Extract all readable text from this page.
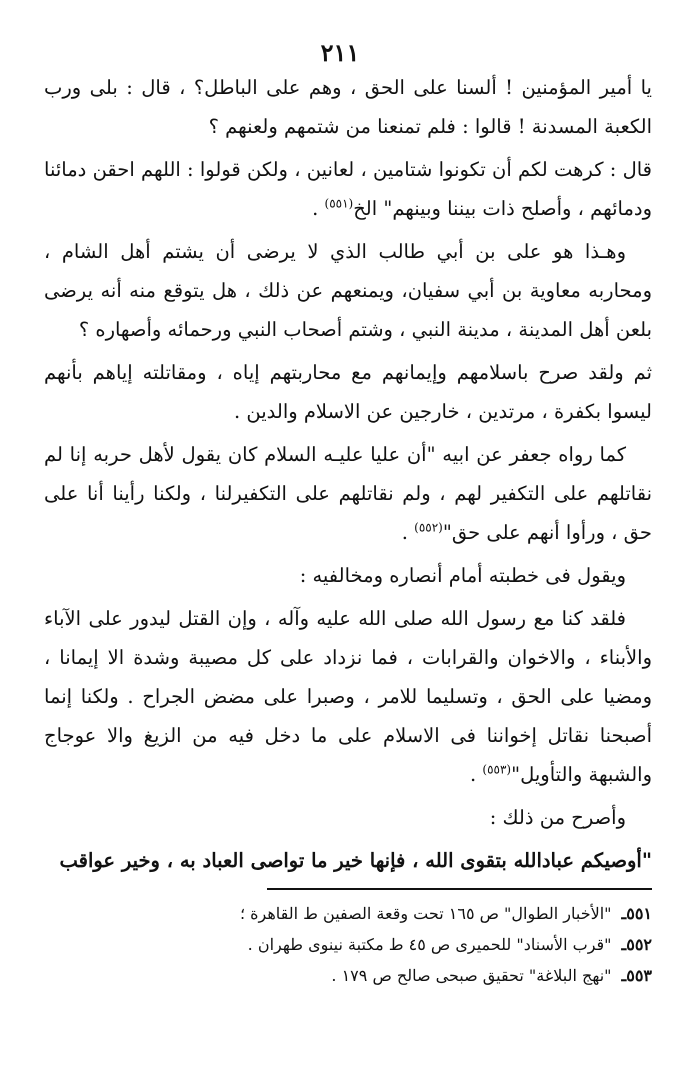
٢١١

يا أمير المؤمنين ! ألسنا على الحق ، وهم على الباطل؟ ، قال : بلى ورب الكعبة المسدنة ! قالوا : فلم تمنعنا من شتمهم ولعنهم ؟

قال : كرهت لكم أن تكونوا شتامين ، لعانين ، ولكن قولوا : اللهم احقن دمائنا ودمائهم ، وأصلح ذات بيننا وبينهم" الخ$^{(٥٥١)}$ .

وهـذا هو على بن أبي طالب الذي لا يرضى أن يشتم أهل الشام ، ومحاربه معاوية بن أبي سفيان، ويمنعهم عن ذلك ، هل يتوقع منه أنه يرضى بلعن أهل المدينة ، مدينة النبي ، وشتم أصحاب النبي ورحمائه وأصهاره ؟

ثم ولقد صرح باسلامهم وإيمانهم مع محاربتهم إياه ، ومقاتلته إياهم بأنهم ليسوا بكفرة ، مرتدين ، خارجين عن الاسلام والدين .

كما رواه جعفر عن ابيه "أن عليا عليـه السلام كان يقول لأهل حربه إنا لم نقاتلهم على التكفير لهم ، ولم نقاتلهم على التكفيرلنا ، ولكنا رأينا أنا على حق ، ورأوا أنهم على حق"$^{(٥٥٢)}$ .

ويقول فى خطبته أمام أنصاره ومخالفيه :

فلقد كنا مع رسول الله صلى الله عليه وآله ، وإن القتل ليدور على الآباء والأبناء ، والاخوان والقرابات ، فما نزداد على كل مصيبة وشدة الا إيمانا ، ومضيا على الحق ، وتسليما للامر ، وصبرا على مضض الجراح . ولكنا إنما أصبحنا نقاتل إخواننا فى الاسلام على ما دخل فيه من الزيغ والا عوجاج والشبهة والتأويل"$^{(٥٥٣)}$ .

وأصرح من ذلك :

"أوصيكم عبادالله بتقوى الله ، فإنها خير ما تواصى العباد به ، وخير عواقب

٥٥١ـ"الأخبار الطوال" ص ١٦٥ تحت وقعة الصفين ط القاهرة ؛

٥٥٢ـ"قرب الأسناد" للحميرى ص ٤٥ ط مكتبة نينوى طهران .

٥٥٣ـ"نهج البلاغة" تحقيق صبحى صالح ص ١٧٩ .
